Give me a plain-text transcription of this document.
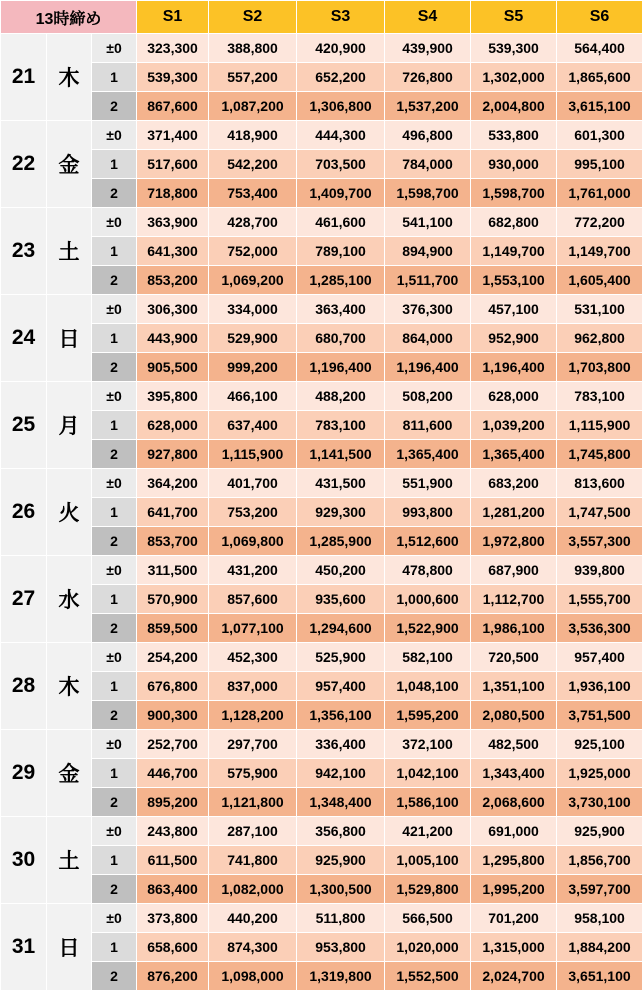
13時締め			S1	S2	S3	S4	S5	S6
21	木	±0	323,300	388,800	420,900	439,900	539,300	564,400
		1	539,300	557,200	652,200	726,800	1,302,000	1,865,600
		2	867,600	1,087,200	1,306,800	1,537,200	2,004,800	3,615,100
22	金	±0	371,400	418,900	444,300	496,800	533,800	601,300
		1	517,600	542,200	703,500	784,000	930,000	995,100
		2	718,800	753,400	1,409,700	1,598,700	1,598,700	1,761,000
23	土	±0	363,900	428,700	461,600	541,100	682,800	772,200
		1	641,300	752,000	789,100	894,900	1,149,700	1,149,700
		2	853,200	1,069,200	1,285,100	1,511,700	1,553,100	1,605,400
24	日	±0	306,300	334,000	363,400	376,300	457,100	531,100
		1	443,900	529,900	680,700	864,000	952,900	962,800
		2	905,500	999,200	1,196,400	1,196,400	1,196,400	1,703,800
25	月	±0	395,800	466,100	488,200	508,200	628,000	783,100
		1	628,000	637,400	783,100	811,600	1,039,200	1,115,900
		2	927,800	1,115,900	1,141,500	1,365,400	1,365,400	1,745,800
26	火	±0	364,200	401,700	431,500	551,900	683,200	813,600
		1	641,700	753,200	929,300	993,800	1,281,200	1,747,500
		2	853,700	1,069,800	1,285,900	1,512,600	1,972,800	3,557,300
27	水	±0	311,500	431,200	450,200	478,800	687,900	939,800
		1	570,900	857,600	935,600	1,000,600	1,112,700	1,555,700
		2	859,500	1,077,100	1,294,600	1,522,900	1,986,100	3,536,300
28	木	±0	254,200	452,300	525,900	582,100	720,500	957,400
		1	676,800	837,000	957,400	1,048,100	1,351,100	1,936,100
		2	900,300	1,128,200	1,356,100	1,595,200	2,080,500	3,751,500
29	金	±0	252,700	297,700	336,400	372,100	482,500	925,100
		1	446,700	575,900	942,100	1,042,100	1,343,400	1,925,000
		2	895,200	1,121,800	1,348,400	1,586,100	2,068,600	3,730,100
30	土	±0	243,800	287,100	356,800	421,200	691,000	925,900
		1	611,500	741,800	925,900	1,005,100	1,295,800	1,856,700
		2	863,400	1,082,000	1,300,500	1,529,800	1,995,200	3,597,700
31	日	±0	373,800	440,200	511,800	566,500	701,200	958,100
		1	658,600	874,300	953,800	1,020,000	1,315,000	1,884,200
		2	876,200	1,098,000	1,319,800	1,552,500	2,024,700	3,651,100
